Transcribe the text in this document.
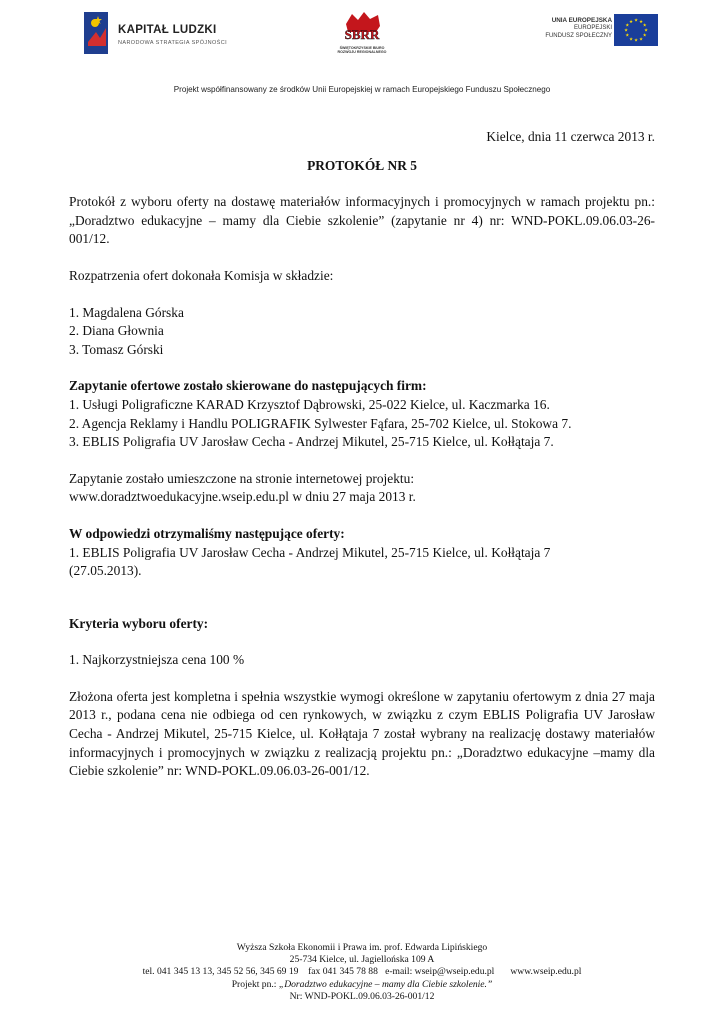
KAPITAŁ LUDZKI
NARODOWA STRATEGIA SPÓJNOŚCI
SBRR
ŚWIĘTOKRZYSKIE BIURO
ROZWOJU REGIONALNEGO
UNIA EUROPEJSKA
EUROPEJSKI
FUNDUSZ SPOŁECZNY
★ ★
★
★
★
★
★
★
★
★
★
★
Projekt współfinansowany ze środków Unii Europejskiej w ramach Europejskiego Funduszu Społecznego

Kielce, dnia 11 czerwca 2013 r.

PROTOKÓŁ NR 5

Protokół z wyboru oferty na dostawę materiałów informacyjnych i promocyjnych w ramach projektu pn.: „Doradztwo edukacyjne – mamy dla Ciebie szkolenie” (zapytanie nr 4) nr: WND-POKL.09.06.03-26-001/12.

Rozpatrzenia ofert dokonała Komisja w składzie:

1. Magdalena Górska

2. Diana Głownia

3. Tomasz Górski

Zapytanie ofertowe zostało skierowane do następujących firm:

1. Usługi Poligraficzne KARAD Krzysztof Dąbrowski, 25-022 Kielce, ul. Kaczmarka 16.

2. Agencja Reklamy i Handlu POLIGRAFIK Sylwester Fąfara, 25-702 Kielce, ul. Stokowa 7.

3. EBLIS Poligrafia UV Jarosław Cecha - Andrzej Mikutel, 25-715 Kielce, ul. Kołłątaja 7.

Zapytanie zostało umieszczone na stronie internetowej projektu:

www.doradztwoedukacyjne.wseip.edu.pl w dniu 27 maja 2013 r.

W odpowiedzi otrzymaliśmy następujące oferty:

1. EBLIS Poligrafia UV Jarosław Cecha - Andrzej Mikutel, 25-715 Kielce, ul. Kołłątaja 7

(27.05.2013).

Kryteria wyboru oferty:

1. Najkorzystniejsza cena 100 %

Złożona oferta jest kompletna i spełnia wszystkie wymogi określone w zapytaniu ofertowym z dnia 27 maja 2013 r., podana cena nie odbiega od cen rynkowych, w związku z czym EBLIS Poligrafia UV Jarosław Cecha - Andrzej Mikutel, 25-715 Kielce, ul. Kołłątaja 7 został wybrany na realizację dostawy materiałów informacyjnych i promocyjnych w związku z realizacją projektu pn.: „Doradztwo edukacyjne –mamy dla Ciebie szkolenie” nr: WND-POKL.09.06.03-26-001/12.

Wyższa Szkoła Ekonomii i Prawa im. prof. Edwarda Lipińskiego
25-734 Kielce, ul. Jagiellońska 109 A
tel. 041 345 13 13, 345 52 56, 345 69 19    fax 041 345 78 88   e-mail: wseip@wseip.edu.pl www.wseip.edu.pl
Projekt pn.: „Doradztwo edukacyjne – mamy dla Ciebie szkolenie.”
Nr: WND-POKL.09.06.03-26-001/12
